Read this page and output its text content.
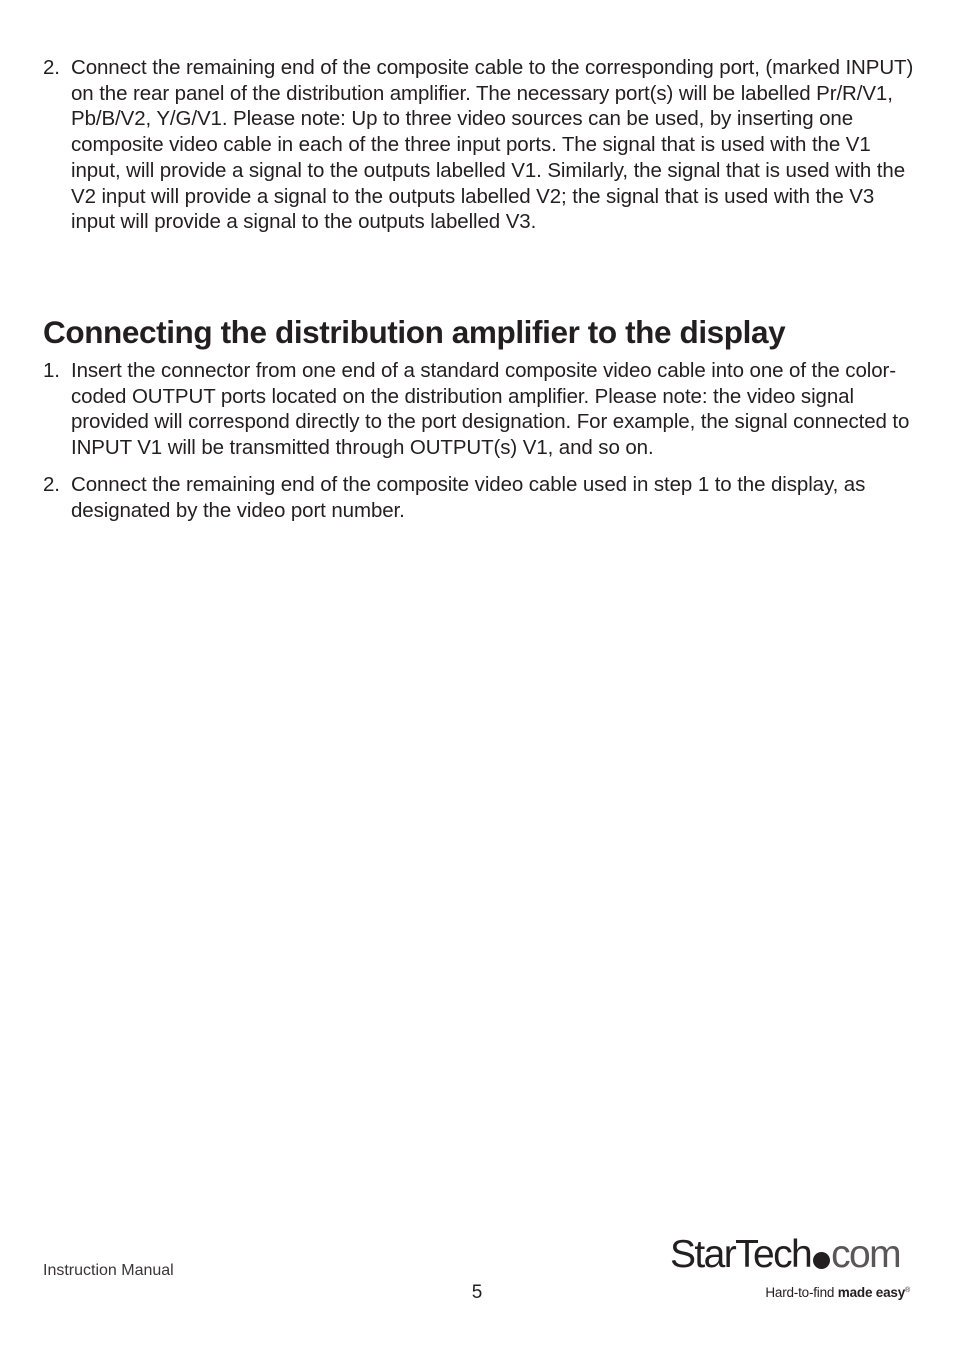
2. Connect the remaining end of the composite cable to the corresponding port, (marked INPUT) on the rear panel of the distribution amplifier. The necessary port(s) will be labelled Pr/R/V1, Pb/B/V2, Y/G/V1. Please note: Up to three video sources can be used, by inserting one composite video cable in each of the three input ports. The signal that is used with the V1 input, will provide a signal to the outputs labelled V1. Similarly, the signal that is used with the V2 input will provide a signal to the outputs labelled V2; the signal that is used with the V3 input will provide a signal to the outputs labelled V3.
Connecting the distribution amplifier to the display
1. Insert the connector from one end of a standard composite video cable into one of the color-coded OUTPUT ports located on the distribution amplifier. Please note: the video signal provided will correspond directly to the port designation. For example, the signal connected to INPUT V1 will be transmitted through OUTPUT(s) V1, and so on.
2. Connect the remaining end of the composite video cable used in step 1 to the display, as designated by the video port number.
Instruction Manual
5
StarTech com
Hard-to-find made easy®
